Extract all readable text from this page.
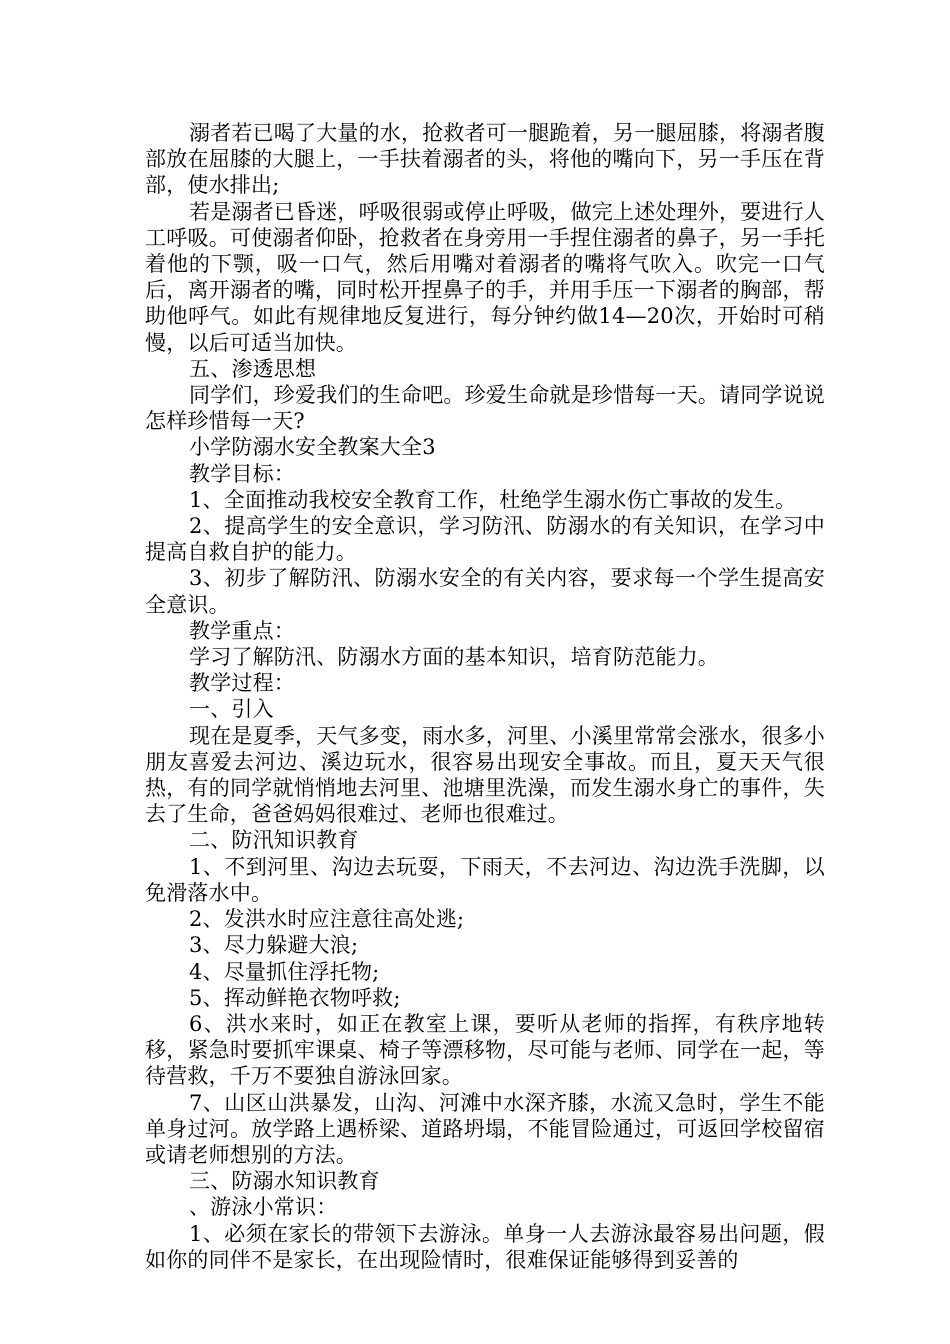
溺者若已喝了大量的水，抢救者可一腿跪着，另一腿屈膝，将溺者腹部放在屈膝的大腿上，一手扶着溺者的头，将他的嘴向下，另一手压在背部，使水排出;

若是溺者已昏迷，呼吸很弱或停止呼吸，做完上述处理外，要进行人工呼吸。可使溺者仰卧，抢救者在身旁用一手捏住溺者的鼻子，另一手托着他的下颚，吸一口气，然后用嘴对着溺者的嘴将气吹入。吹完一口气后，离开溺者的嘴，同时松开捏鼻子的手，并用手压一下溺者的胸部，帮助他呼气。如此有规律地反复进行，每分钟约做14—20次，开始时可稍慢，以后可适当加快。

五、渗透思想

同学们，珍爱我们的生命吧。珍爱生命就是珍惜每一天。请同学说说怎样珍惜每一天?

小学防溺水安全教案大全3

教学目标：

1、全面推动我校安全教育工作，杜绝学生溺水伤亡事故的发生。

2、提高学生的安全意识，学习防汛、防溺水的有关知识，在学习中提高自救自护的能力。

3、初步了解防汛、防溺水安全的有关内容，要求每一个学生提高安全意识。

教学重点：

学习了解防汛、防溺水方面的基本知识，培育防范能力。

教学过程：

一、引入

现在是夏季，天气多变，雨水多，河里、小溪里常常会涨水，很多小朋友喜爱去河边、溪边玩水，很容易出现安全事故。而且，夏天天气很热，有的同学就悄悄地去河里、池塘里洗澡，而发生溺水身亡的事件，失去了生命，爸爸妈妈很难过、老师也很难过。

二、防汛知识教育

1、不到河里、沟边去玩耍，下雨天，不去河边、沟边洗手洗脚，以免滑落水中。

2、发洪水时应注意往高处逃;

3、尽力躲避大浪;

4、尽量抓住浮托物;

5、挥动鲜艳衣物呼救;

6、洪水来时，如正在教室上课，要听从老师的指挥，有秩序地转移，紧急时要抓牢课桌、椅子等漂移物，尽可能与老师、同学在一起，等待营救，千万不要独自游泳回家。

7、山区山洪暴发，山沟、河滩中水深齐膝，水流又急时，学生不能单身过河。放学路上遇桥梁、道路坍塌，不能冒险通过，可返回学校留宿或请老师想别的方法。

三、防溺水知识教育

、游泳小常识：

1、必须在家长的带领下去游泳。单身一人去游泳最容易出问题，假如你的同伴不是家长，在出现险情时，很难保证能够得到妥善的
